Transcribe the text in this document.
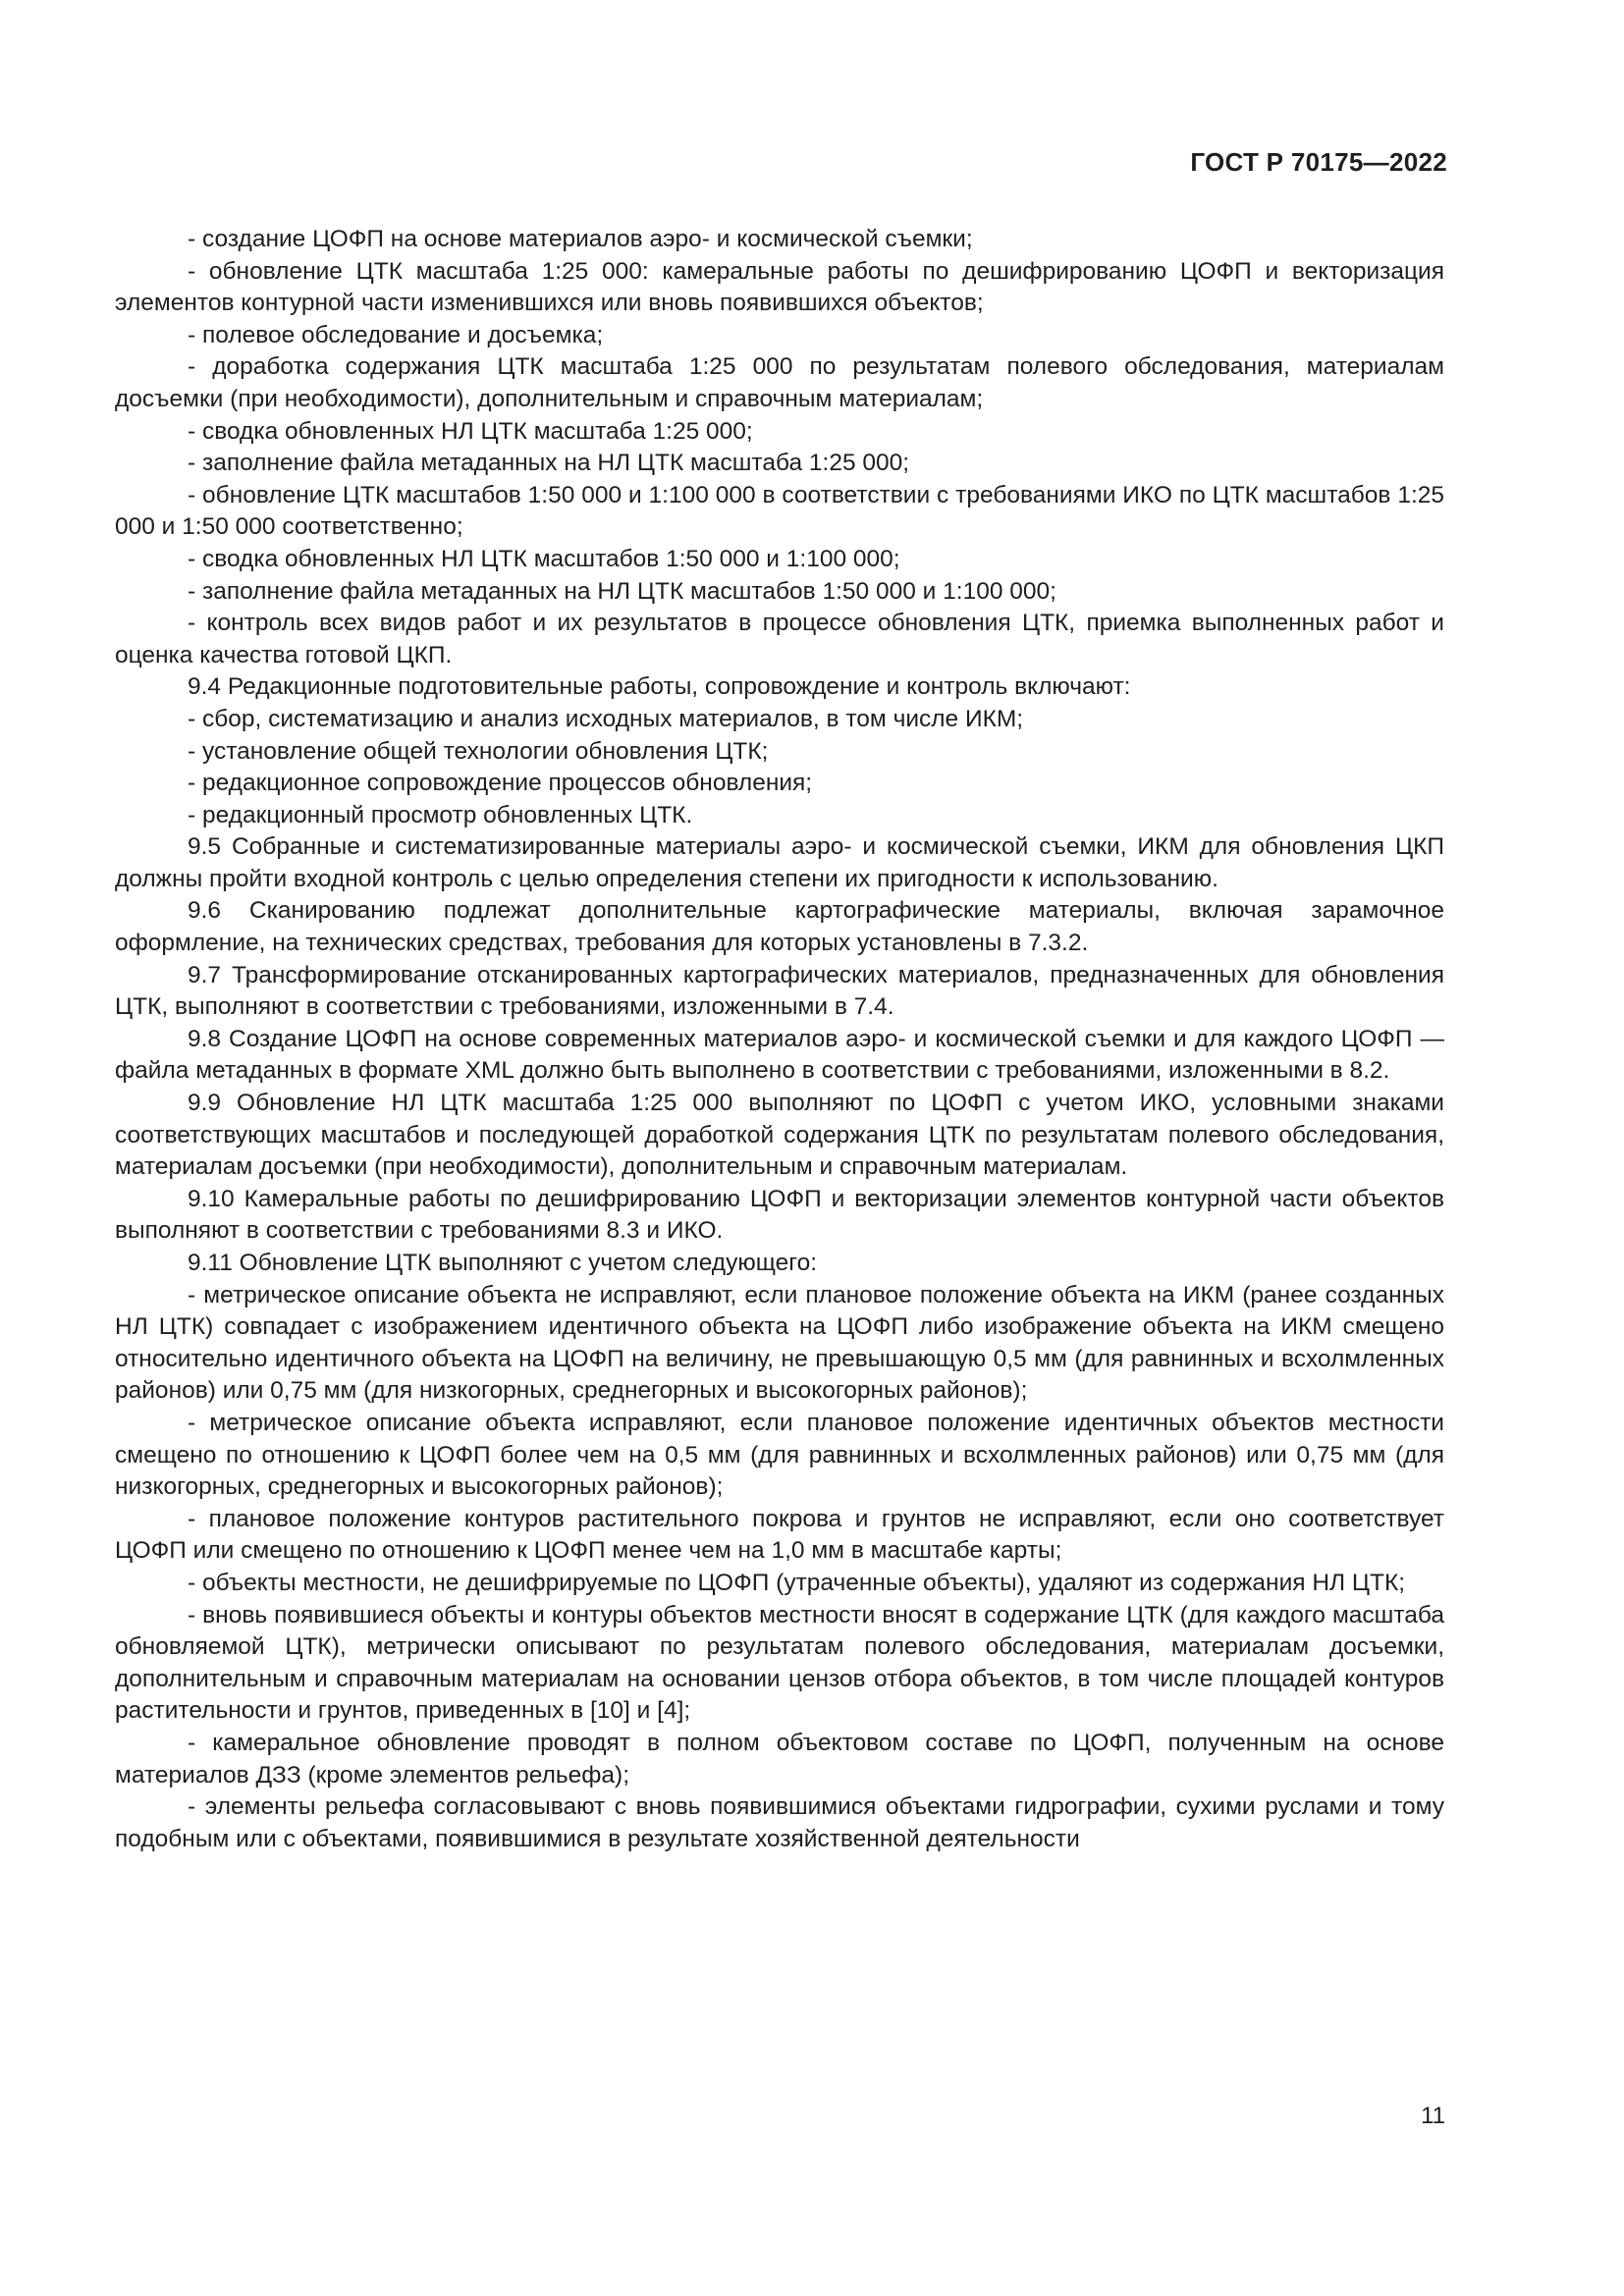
ГОСТ Р 70175—2022

- создание ЦОФП на основе материалов аэро- и космической съемки;

- обновление ЦТК масштаба 1:25 000: камеральные работы по дешифрированию ЦОФП и векторизация элементов контурной части изменившихся или вновь появившихся объектов;

- полевое обследование и досъемка;

- доработка содержания ЦТК масштаба 1:25 000 по результатам полевого обследования, материалам досъемки (при необходимости), дополнительным и справочным материалам;

- сводка обновленных НЛ ЦТК масштаба 1:25 000;

- заполнение файла метаданных на НЛ ЦТК масштаба 1:25 000;

- обновление ЦТК масштабов 1:50 000 и 1:100 000 в соответствии с требованиями ИКО по ЦТК масштабов 1:25 000 и 1:50 000 соответственно;

- сводка обновленных НЛ ЦТК масштабов 1:50 000 и 1:100 000;

- заполнение файла метаданных на НЛ ЦТК масштабов 1:50 000 и 1:100 000;

- контроль всех видов работ и их результатов в процессе обновления ЦТК, приемка выполненных работ и оценка качества готовой ЦКП.

9.4 Редакционные подготовительные работы, сопровождение и контроль включают:

- сбор, систематизацию и анализ исходных материалов, в том числе ИКМ;

- установление общей технологии обновления ЦТК;

- редакционное сопровождение процессов обновления;

- редакционный просмотр обновленных ЦТК.

9.5 Собранные и систематизированные материалы аэро- и космической съемки, ИКМ для обновления ЦКП должны пройти входной контроль с целью определения степени их пригодности к использованию.

9.6 Сканированию подлежат дополнительные картографические материалы, включая зарамочное оформление, на технических средствах, требования для которых установлены в 7.3.2.

9.7 Трансформирование отсканированных картографических материалов, предназначенных для обновления ЦТК, выполняют в соответствии с требованиями, изложенными в 7.4.

9.8 Создание ЦОФП на основе современных материалов аэро- и космической съемки и для каждого ЦОФП — файла метаданных в формате XML должно быть выполнено в соответствии с требованиями, изложенными в 8.2.

9.9 Обновление НЛ ЦТК масштаба 1:25 000 выполняют по ЦОФП с учетом ИКО, условными знаками соответствующих масштабов и последующей доработкой содержания ЦТК по результатам полевого обследования, материалам досъемки (при необходимости), дополнительным и справочным материалам.

9.10 Камеральные работы по дешифрированию ЦОФП и векторизации элементов контурной части объектов выполняют в соответствии с требованиями 8.3 и ИКО.

9.11 Обновление ЦТК выполняют с учетом следующего:

- метрическое описание объекта не исправляют, если плановое положение объекта на ИКМ (ранее созданных НЛ ЦТК) совпадает с изображением идентичного объекта на ЦОФП либо изображение объекта на ИКМ смещено относительно идентичного объекта на ЦОФП на величину, не превышающую 0,5 мм (для равнинных и всхолмленных районов) или 0,75 мм (для низкогорных, среднегорных и высокогорных районов);

- метрическое описание объекта исправляют, если плановое положение идентичных объектов местности смещено по отношению к ЦОФП более чем на 0,5 мм (для равнинных и всхолмленных районов) или 0,75 мм (для низкогорных, среднегорных и высокогорных районов);

- плановое положение контуров растительного покрова и грунтов не исправляют, если оно соответствует ЦОФП или смещено по отношению к ЦОФП менее чем на 1,0 мм в масштабе карты;

- объекты местности, не дешифрируемые по ЦОФП (утраченные объекты), удаляют из содержания НЛ ЦТК;

- вновь появившиеся объекты и контуры объектов местности вносят в содержание ЦТК (для каждого масштаба обновляемой ЦТК), метрически описывают по результатам полевого обследования, материалам досъемки, дополнительным и справочным материалам на основании цензов отбора объектов, в том числе площадей контуров растительности и грунтов, приведенных в [10] и [4];

- камеральное обновление проводят в полном объектовом составе по ЦОФП, полученным на основе материалов ДЗЗ (кроме элементов рельефа);

- элементы рельефа согласовывают с вновь появившимися объектами гидрографии, сухими руслами и тому подобным или с объектами, появившимися в результате хозяйственной деятельности

11
